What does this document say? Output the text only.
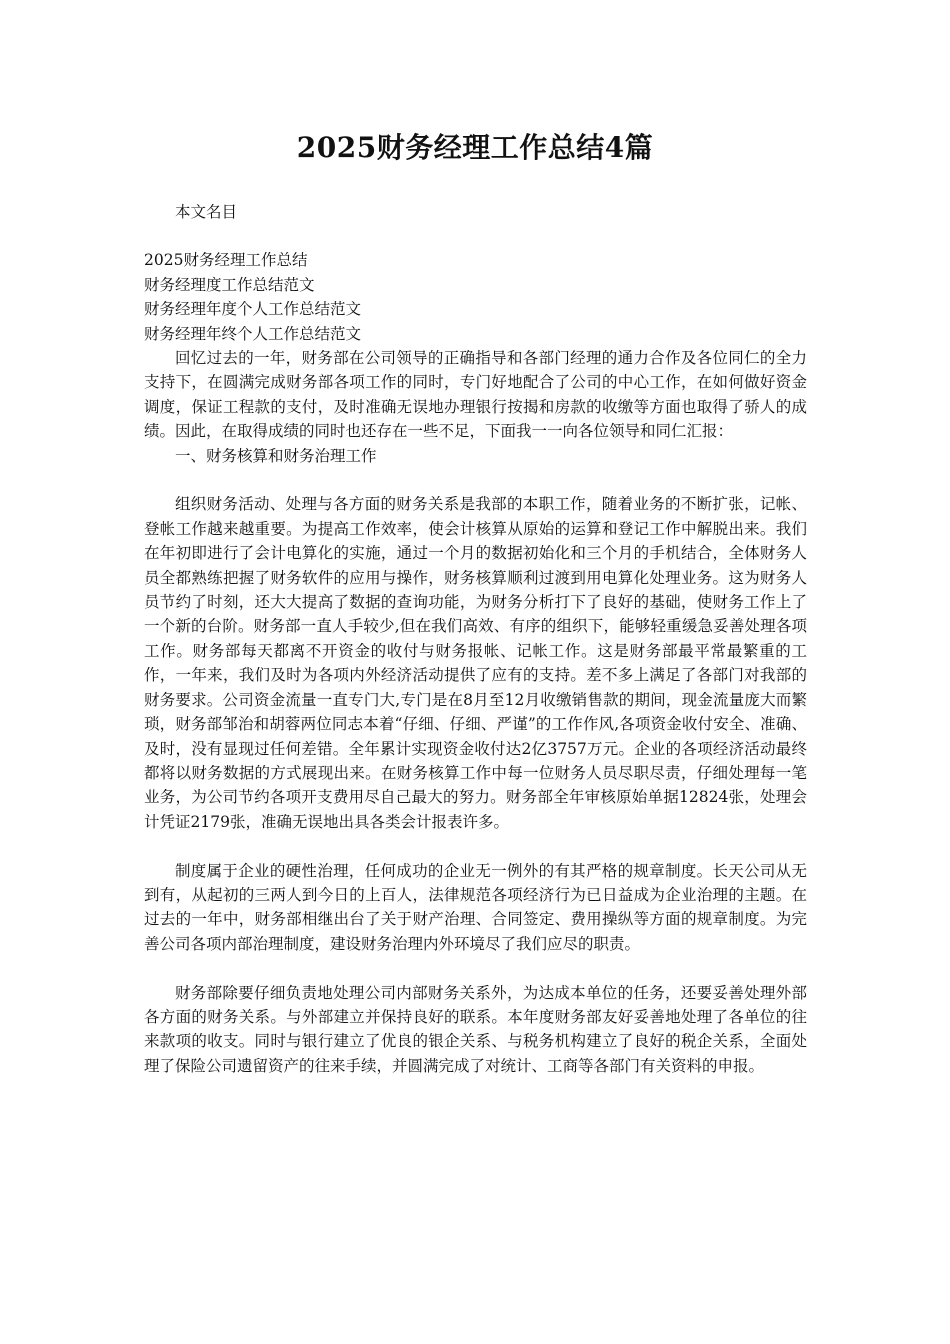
2025财务经理工作总结4篇

本文名目

2025财务经理工作总结
财务经理度工作总结范文
财务经理年度个人工作总结范文
财务经理年终个人工作总结范文

回忆过去的一年，财务部在公司领导的正确指导和各部门经理的通力合作及各位同仁的全力支持下，在圆满完成财务部各项工作的同时，专门好地配合了公司的中心工作，在如何做好资金调度，保证工程款的支付，及时准确无误地办理银行按揭和房款的收缴等方面也取得了骄人的成绩。因此，在取得成绩的同时也还存在一些不足，下面我一一向各位领导和同仁汇报：

一、财务核算和财务治理工作

组织财务活动、处理与各方面的财务关系是我部的本职工作，随着业务的不断扩张，记帐、登帐工作越来越重要。为提高工作效率，使会计核算从原始的运算和登记工作中解脱出来。我们在年初即进行了会计电算化的实施，通过一个月的数据初始化和三个月的手机结合，全体财务人员全都熟练把握了财务软件的应用与操作，财务核算顺利过渡到用电算化处理业务。这为财务人员节约了时刻，还大大提高了数据的查询功能，为财务分析打下了良好的基础，使财务工作上了一个新的台阶。财务部一直人手较少,但在我们高效、有序的组织下，能够轻重缓急妥善处理各项工作。财务部每天都离不开资金的收付与财务报帐、记帐工作。这是财务部最平常最繁重的工作，一年来，我们及时为各项内外经济活动提供了应有的支持。差不多上满足了各部门对我部的财务要求。公司资金流量一直专门大,专门是在8月至12月收缴销售款的期间，现金流量庞大而繁琐，财务部邹治和胡蓉两位同志本着“仔细、仔细、严谨”的工作作风,各项资金收付安全、准确、及时，没有显现过任何差错。全年累计实现资金收付达2亿3757万元。企业的各项经济活动最终都将以财务数据的方式展现出来。在财务核算工作中每一位财务人员尽职尽责，仔细处理每一笔业务，为公司节约各项开支费用尽自己最大的努力。财务部全年审核原始单据12824张，处理会计凭证2179张，准确无误地出具各类会计报表许多。

制度属于企业的硬性治理，任何成功的企业无一例外的有其严格的规章制度。长天公司从无到有，从起初的三两人到今日的上百人，法律规范各项经济行为已日益成为企业治理的主题。在过去的一年中，财务部相继出台了关于财产治理、合同签定、费用操纵等方面的规章制度。为完善公司各项内部治理制度，建设财务治理内外环境尽了我们应尽的职责。

财务部除要仔细负责地处理公司内部财务关系外，为达成本单位的任务，还要妥善处理外部各方面的财务关系。与外部建立并保持良好的联系。本年度财务部友好妥善地处理了各单位的往来款项的收支。同时与银行建立了优良的银企关系、与税务机构建立了良好的税企关系，全面处理了保险公司遗留资产的往来手续，并圆满完成了对统计、工商等各部门有关资料的申报。
